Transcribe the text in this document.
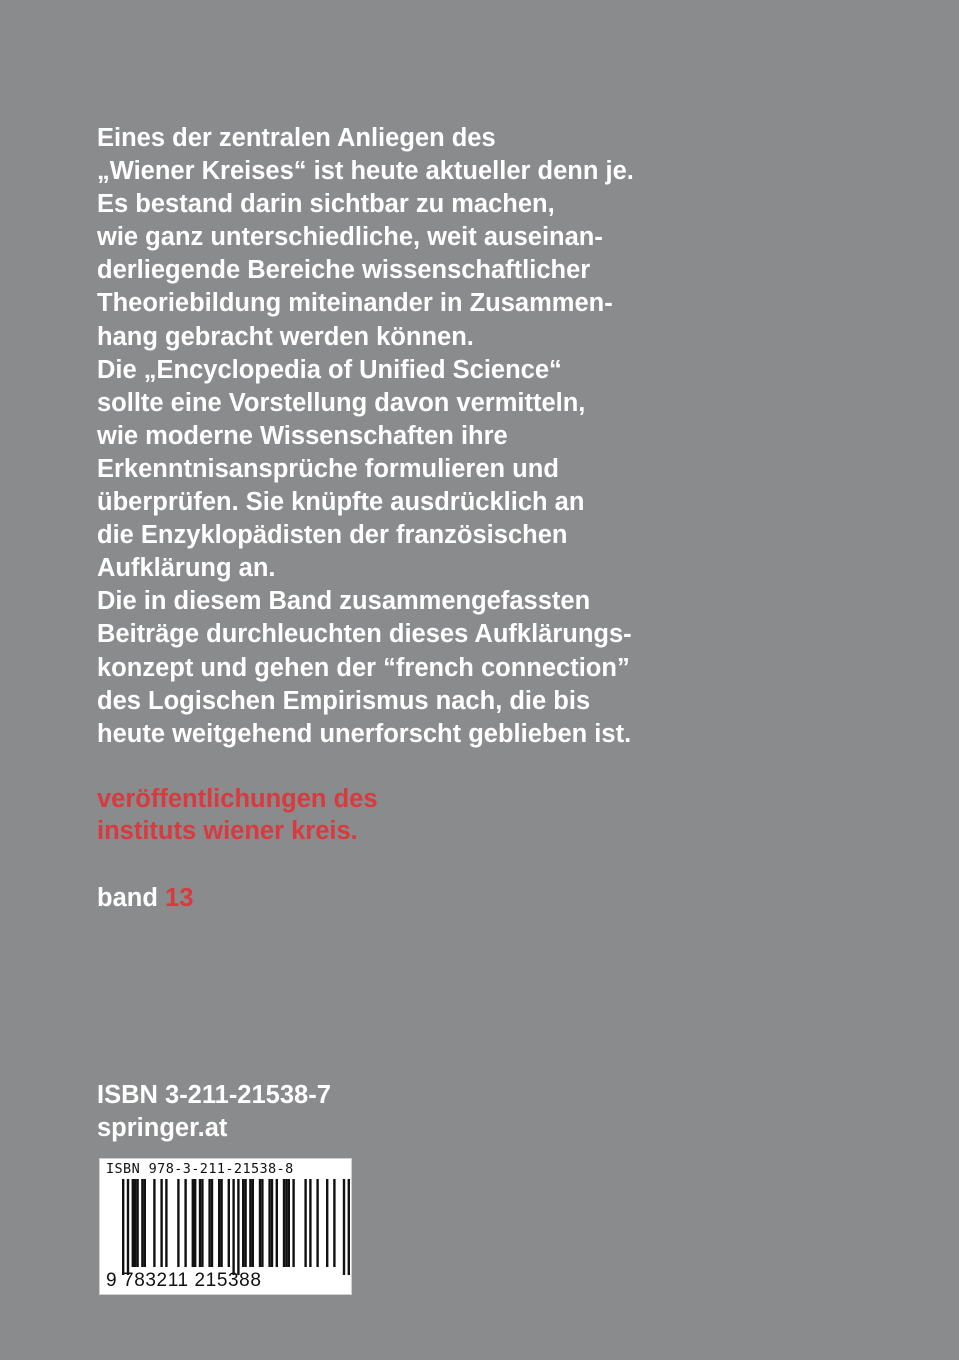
Eines der zentralen Anliegen des
„Wiener Kreises“ ist heute aktueller denn je.
Es bestand darin sichtbar zu machen,
wie ganz unterschiedliche, weit auseinan-
derliegende Bereiche wissenschaftlicher
Theoriebildung miteinander in Zusammen-
hang gebracht werden können.
Die „Encyclopedia of Unified Science“
sollte eine Vorstellung davon vermitteln,
wie moderne Wissenschaften ihre
Erkenntnisansprüche formulieren und
überprüfen. Sie knüpfte ausdrücklich an
die Enzyklopädisten der französischen
Aufklärung an.
Die in diesem Band zusammengefassten
Beiträge durchleuchten dieses Aufklärungs-
konzept und gehen der “french connection”
des Logischen Empirismus nach, die bis
heute weitgehend unerforscht geblieben ist.
veröffentlichungen des
instituts wiener kreis.
band 13
ISBN 3-211-21538-7
springer.at
ISBN 978-3-211-21538-8
9 783211 215388
